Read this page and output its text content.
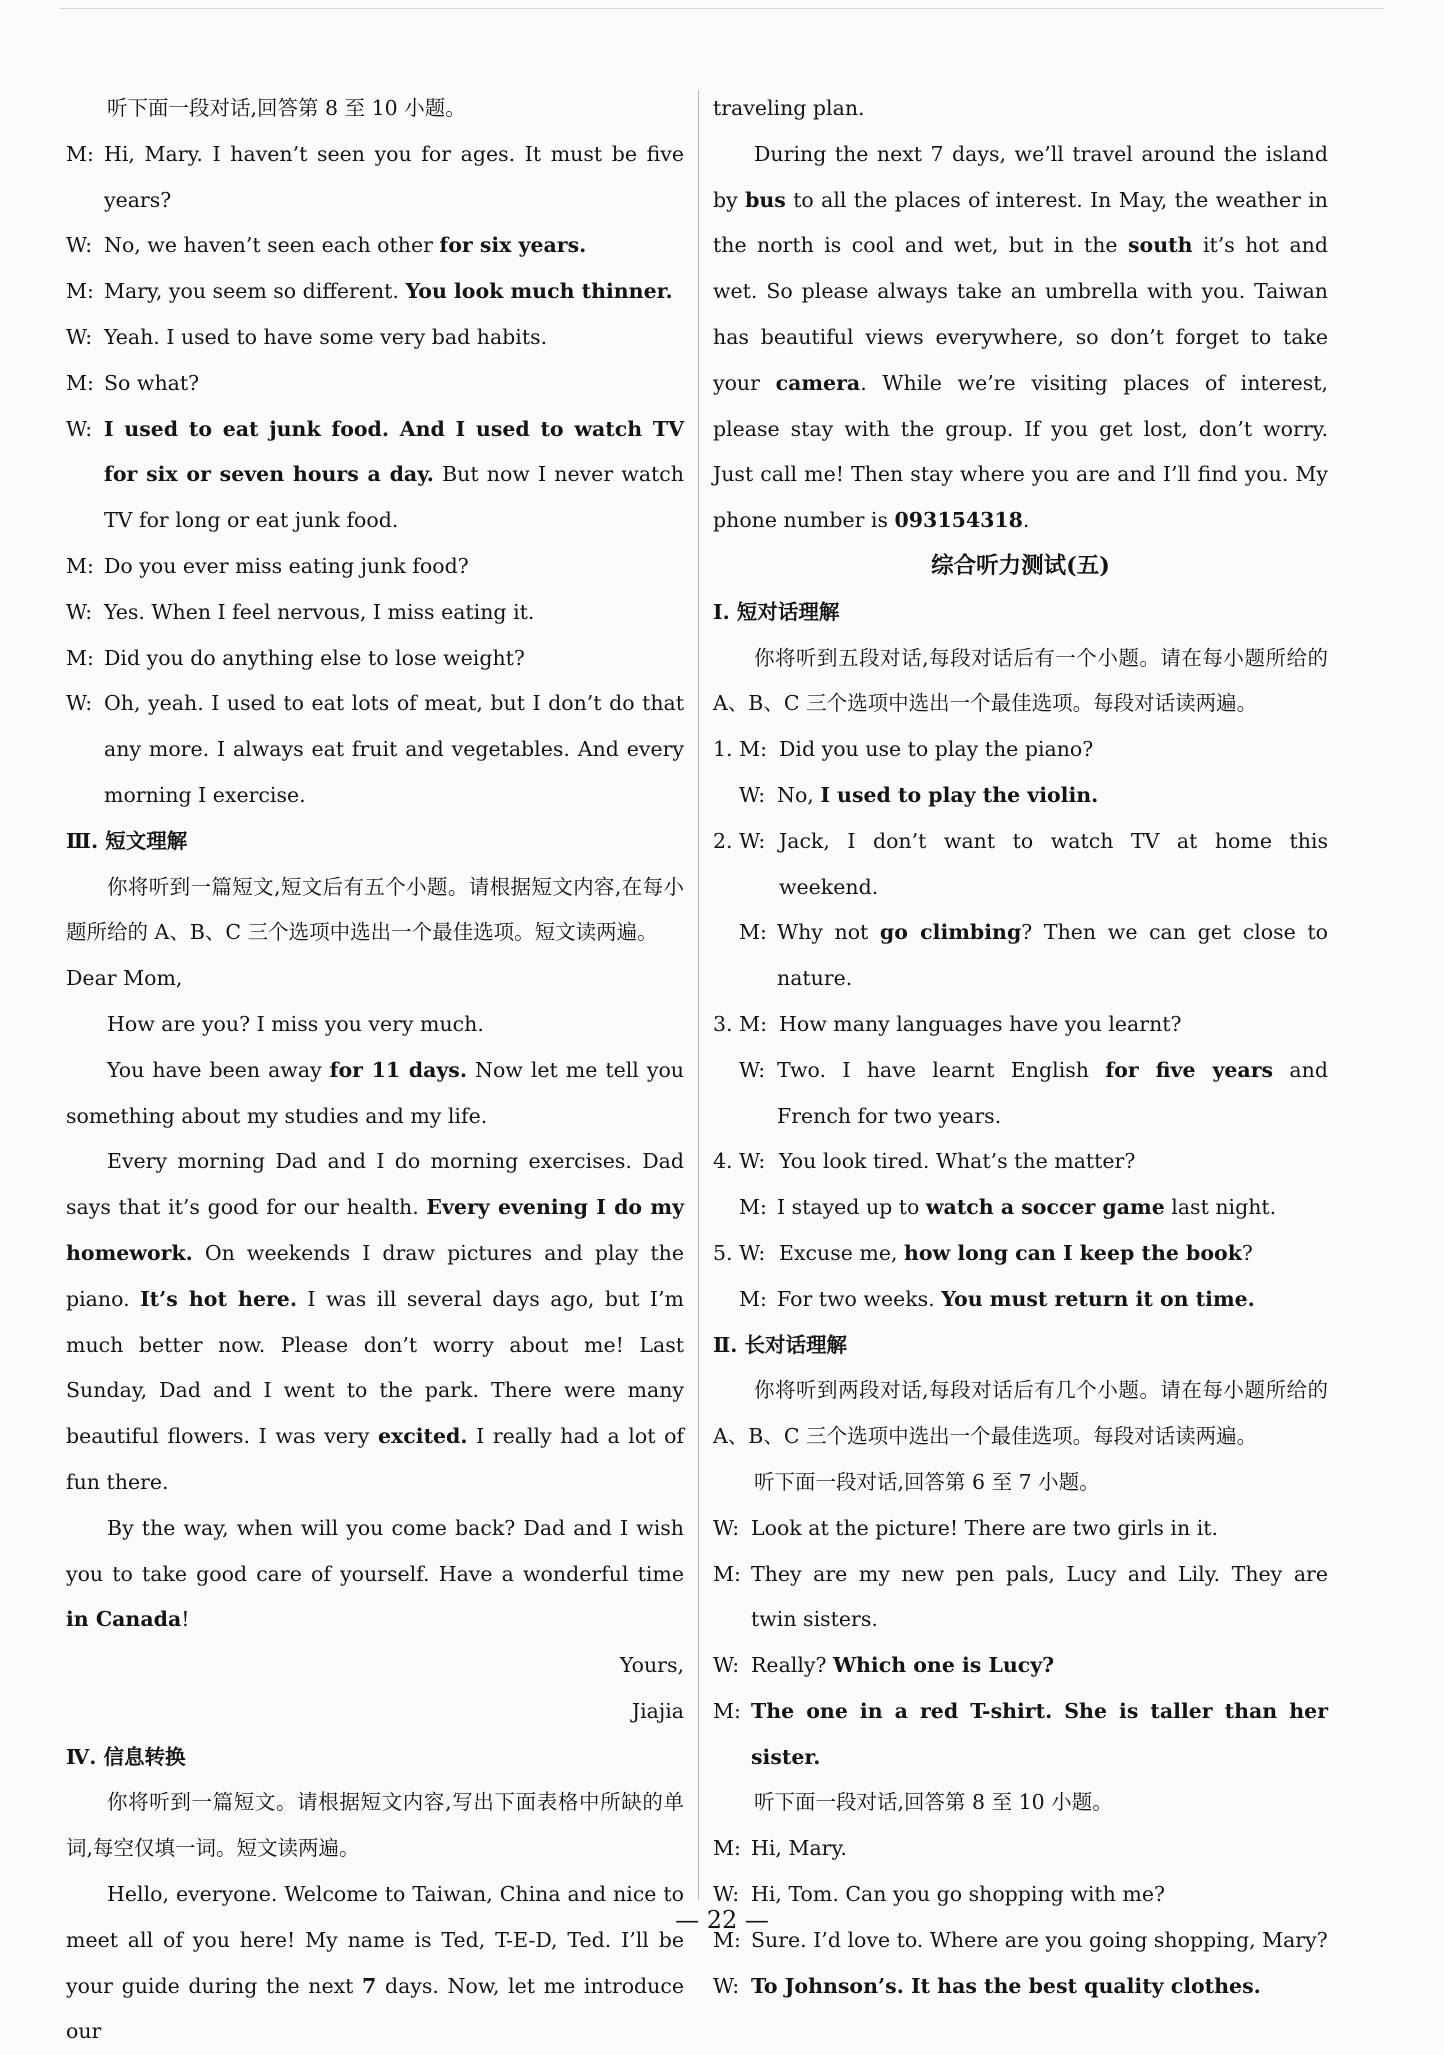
听下面一段对话,回答第 8 至 10 小题。
M: Hi, Mary. I haven’t seen you for ages. It must be five years?
W: No, we haven’t seen each other for six years.
M: Mary, you seem so different. You look much thinner.
W: Yeah. I used to have some very bad habits.
M: So what?
W: I used to eat junk food. And I used to watch TV for six or seven hours a day. But now I never watch TV for long or eat junk food.
M: Do you ever miss eating junk food?
W: Yes. When I feel nervous, I miss eating it.
M: Did you do anything else to lose weight?
W: Oh, yeah. I used to eat lots of meat, but I don’t do that any more. I always eat fruit and vegetables. And every morning I exercise.
Ⅲ. 短文理解
你将听到一篇短文,短文后有五个小题。请根据短文内容,在每小题所给的 A、B、C 三个选项中选出一个最佳选项。短文读两遍。
Dear Mom,
How are you? I miss you very much.
You have been away for 11 days. Now let me tell you something about my studies and my life.
Every morning Dad and I do morning exercises. Dad says that it’s good for our health. Every evening I do my homework. On weekends I draw pictures and play the piano. It’s hot here. I was ill several days ago, but I’m much better now. Please don’t worry about me! Last Sunday, Dad and I went to the park. There were many beautiful flowers. I was very excited. I really had a lot of fun there.
By the way, when will you come back? Dad and I wish you to take good care of yourself. Have a wonderful time in Canada!
Yours,
Jiajia
Ⅳ. 信息转换
你将听到一篇短文。请根据短文内容,写出下面表格中所缺的单词,每空仅填一词。短文读两遍。
Hello, everyone. Welcome to Taiwan, China and nice to meet all of you here! My name is Ted, T-E-D, Ted. I’ll be your guide during the next 7 days. Now, let me introduce our
traveling plan.
During the next 7 days, we’ll travel around the island by bus to all the places of interest. In May, the weather in the north is cool and wet, but in the south it’s hot and wet. So please always take an umbrella with you. Taiwan has beautiful views everywhere, so don’t forget to take your camera. While we’re visiting places of interest, please stay with the group. If you get lost, don’t worry. Just call me! Then stay where you are and I’ll find you. My phone number is 093154318.
综合听力测试(五)
Ⅰ. 短对话理解
你将听到五段对话,每段对话后有一个小题。请在每小题所给的 A、B、C 三个选项中选出一个最佳选项。每段对话读两遍。
1. M: Did you use to play the piano?
W: No, I used to play the violin.
2. W: Jack, I don’t want to watch TV at home this weekend.
M: Why not go climbing? Then we can get close to nature.
3. M: How many languages have you learnt?
W: Two. I have learnt English for five years and French for two years.
4. W: You look tired. What’s the matter?
M: I stayed up to watch a soccer game last night.
5. W: Excuse me, how long can I keep the book?
M: For two weeks. You must return it on time.
Ⅱ. 长对话理解
你将听到两段对话,每段对话后有几个小题。请在每小题所给的 A、B、C 三个选项中选出一个最佳选项。每段对话读两遍。
听下面一段对话,回答第 6 至 7 小题。
W: Look at the picture! There are two girls in it.
M: They are my new pen pals, Lucy and Lily. They are twin sisters.
W: Really? Which one is Lucy?
M: The one in a red T-shirt. She is taller than her sister.
听下面一段对话,回答第 8 至 10 小题。
M: Hi, Mary.
W: Hi, Tom. Can you go shopping with me?
M: Sure. I’d love to. Where are you going shopping, Mary?
W: To Johnson’s. It has the best quality clothes.
— 22 —
